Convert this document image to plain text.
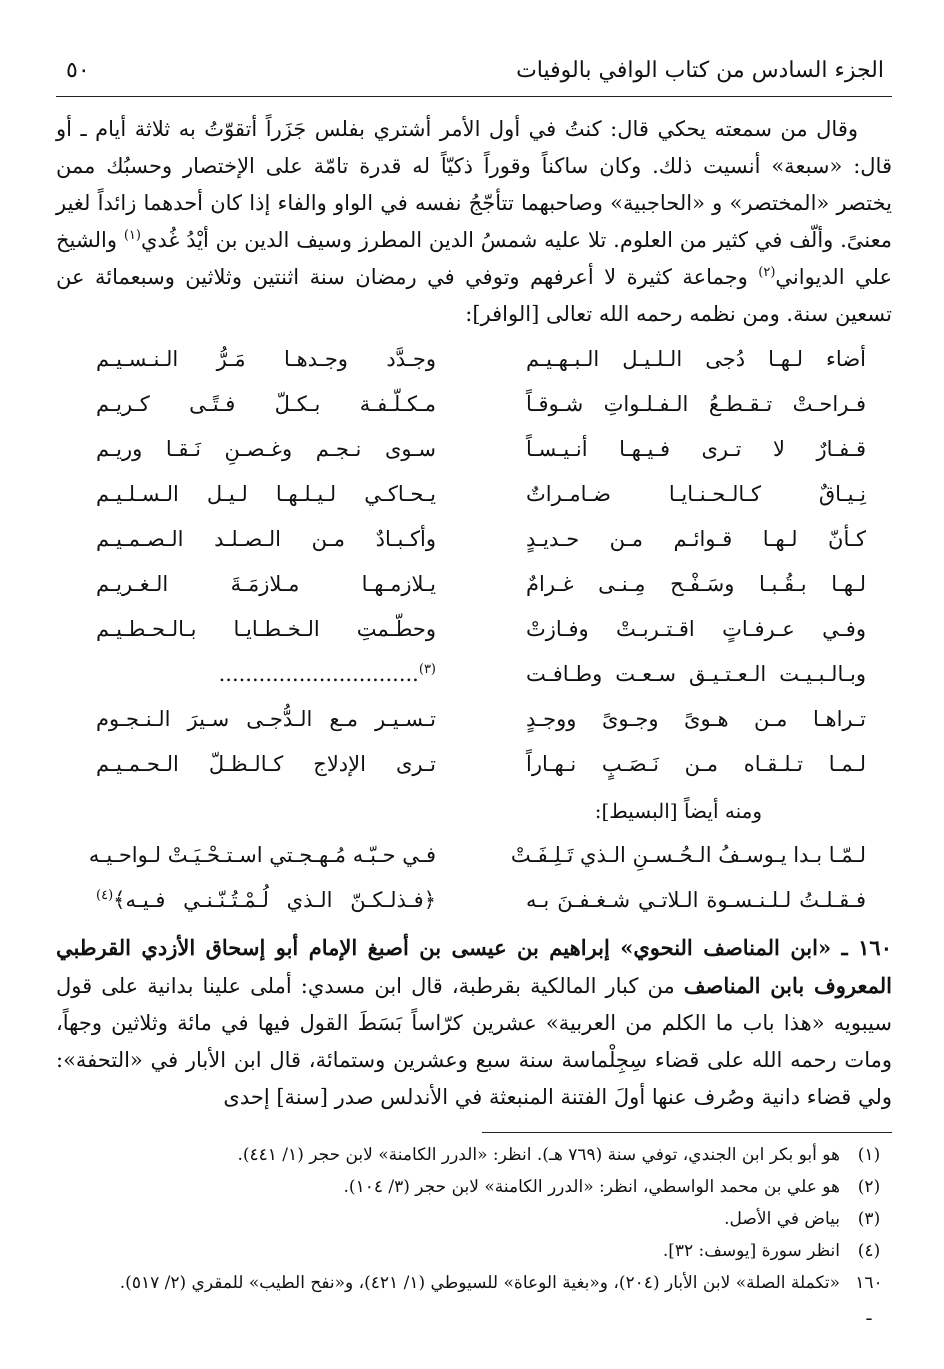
الجزء السادس من كتاب الوافي بالوفيات
٥٠

وقال من سمعته يحكي قال: كنتُ في أول الأمر أشتري بفلس جَزَراً أتقوّتُ به ثلاثة أيام ـ أو قال: «سبعة» أنسيت ذلك. وكان ساكناً وقوراً ذكيّاً له قدرة تامّة على الإختصار وحسبُك ممن يختصر «المختصر» و «الحاجبية» وصاحبهما تتأجّجُ نفسه في الواو والفاء إذا كان أحدهما زائداً لغير معنىً. وألّف في كثير من العلوم. تلا عليه شمسُ الدين المطرز وسيف الدين بن أيْدُ غُدي$^{(١)}$ والشيخ علي الديواني$^{(٢)}$ وجماعة كثيرة لا أعرفهم وتوفي في رمضان سنة اثنتين وثلاثين وسبعمائة عن تسعين سنة. ومن نظمه رحمه الله تعالى [الوافر]:

أضاء لـهـا دُجى الـلـيـل الـبـهـيـم
وجـدَّد وجـدهـا مَـرُّ الـنـسـيـم
فـراحـتْ تـقـطـعُ الـفـلـواتِ شـوقـاً
مـكـلّـفـة بـكـلّ فـتًـى كـريـم
قـفـارٌ لا تـرى فـيـهـا أنـيـسـاً
سـوى نـجـم وغـصـنِ نَـقـا وريـم
نِـيـاقٌ كـالـحـنـايـا ضـامـراتٌ
يـحـاكـي لـيـلـهـا لـيـل الـسـلـيـم
كـأنّ لـهـا قـوائـم مـن حـديـدٍ
وأكـبـادٌ مـن الـصـلـد الـصـمـيـم
لـهـا بـقُـبـا وسَـفْـح مِـنـى غـرامٌ
يـلازمـهـا مـلازمَـةَ الـغـريـم
وفـي عـرفـاتٍ اقـتـربـتْ وفـازتْ
وحطّـمتِ الـخـطـايـا بـالـحـطـيـم
وبـالـبـيـت الـعـتـيـق سـعـت وطـافـت
$^{(٣)}$..............................
تـراهـا مـن هـوىً وجـوىً ووجـدٍ
تـسـيـر مـع الـدُّجـى سـيرَ الـنـجـوم
لـمـا تـلـقـاه مـن نَـصَـبٍ نـهـاراً
تـرى الإدلاج كـالـظـلّ الـحـمـيـم

ومنه أيضاً [البسيط]:

لـمّـا بـدا يـوسـفُ الـحُـسـنِ الـذي تَـلِـفَـتْ
فـي حـبّـه مُـهـجـتي اسـتـحْـيَـتْ لـواحـيـه
فـقـلـتُ لـلـنـسـوة الـلاتـي شـغـفـنَ بـه
﴿فـذلـكـنّ الـذي لُـمْـتُـنّـنـي فـيـه﴾$^{(٤)}$
١٦٠ ـ «ابن المناصف النحوي» إبراهيم بن عيسى بن أصبغ الإمام أبو إسحاق الأزدي القرطبي المعروف بابن المناصف من كبار المالكية بقرطبة، قال ابن مسدي: أملى علينا بدانية على قول سيبويه «هذا باب ما الكلم من العربية» عشرين كرّاساً بَسَطَ القول فيها في مائة وثلاثين وجهاً، ومات رحمه الله على قضاء سِجِلْماسة سنة سبع وعشرين وستمائة، قال ابن الأبار في «التحفة»: ولي قضاء دانية وصُرف عنها أولَ الفتنة المنبعثة في الأندلس صدر [سنة] إحدى
(١)
هو أبو بكر ابن الجندي، توفي سنة (٧٦٩ هـ). انظر: «الدرر الكامنة» لابن حجر (١/ ٤٤١).
(٢)
هو علي بن محمد الواسطي، انظر: «الدرر الكامنة» لابن حجر (٣/ ١٠٤).
(٣)
بياض في الأصل.
(٤)
انظر سورة [يوسف: ٣٢].
١٦٠ ـ
«تكملة الصلة» لابن الأبار (٢٠٤)، و«بغية الوعاة» للسيوطي (١/ ٤٢١)، و«نفح الطيب» للمقري (٢/ ٥١٧).
